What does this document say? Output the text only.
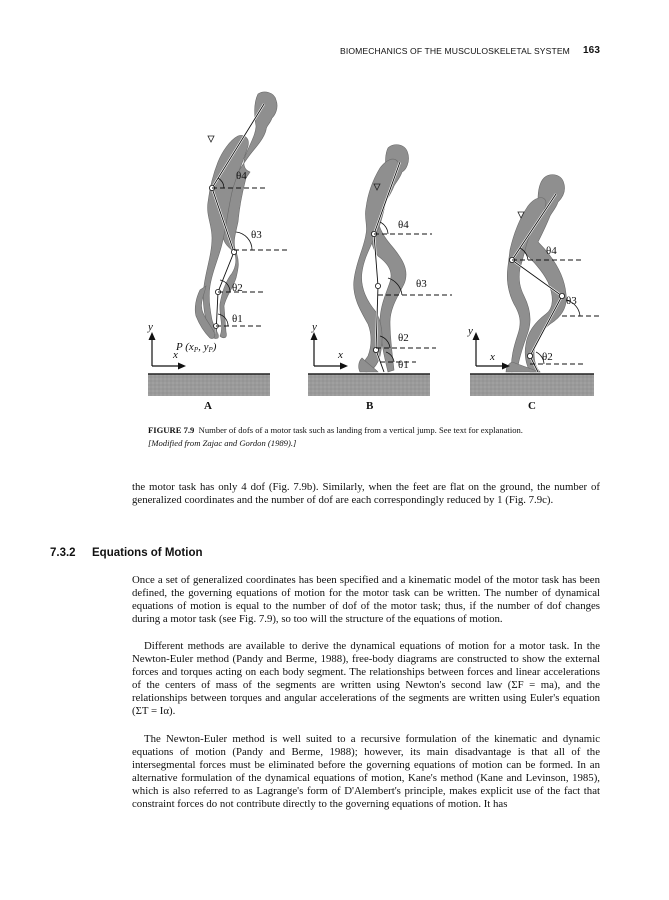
BIOMECHANICS OF THE MUSCULOSKELETAL SYSTEM 163
θ4
θ3
θ2
θ1
P (xP, yP)
y
x
A
θ4
θ3
θ2
θ1
y
x
B
θ4
θ3
θ2
y
x
C
FIGURE 7.9 Number of dofs of a motor task such as landing from a vertical jump. See text for explanation.
[Modified from Zajac and Gordon (1989).]

the motor task has only 4 dof (Fig. 7.9b). Similarly, when the feet are flat on the ground, the number of generalized coordinates and the number of dof are each correspondingly reduced by 1 (Fig. 7.9c).

7.3.2 Equations of Motion

Once a set of generalized coordinates has been specified and a kinematic model of the motor task has been defined, the governing equations of motion for the motor task can be written. The number of dynamical equations of motion is equal to the number of dof of the motor task; thus, if the number of dof changes during a motor task (see Fig. 7.9), so too will the structure of the equations of motion.

Different methods are available to derive the dynamical equations of motion for a motor task. In the Newton-Euler method (Pandy and Berme, 1988), free-body diagrams are constructed to show the external forces and torques acting on each body segment. The relationships between forces and linear accelerations of the centers of mass of the segments are written using Newton's second law (ΣF = ma), and the relationships between torques and angular accelerations of the segments are written using Euler's equation (ΣT = Iα).

The Newton-Euler method is well suited to a recursive formulation of the kinematic and dynamic equations of motion (Pandy and Berme, 1988); however, its main disadvantage is that all of the intersegmental forces must be eliminated before the governing equations of motion can be formed. In an alternative formulation of the dynamical equations of motion, Kane's method (Kane and Levinson, 1985), which is also referred to as Lagrange's form of D'Alembert's principle, makes explicit use of the fact that constraint forces do not contribute directly to the governing equations of motion. It has
